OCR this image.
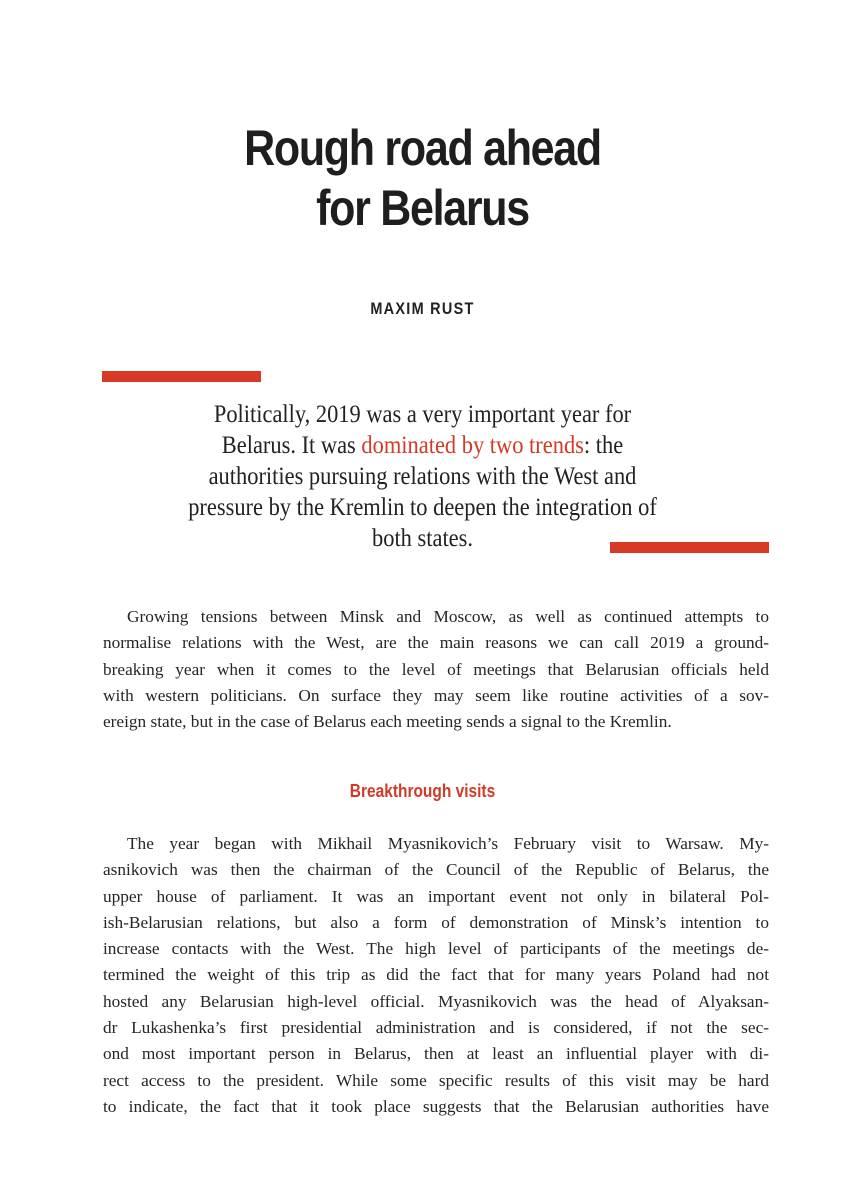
Rough road ahead
for Belarus
MAXIM RUST
Politically, 2019 was a very important year for Belarus. It was dominated by two trends: the authorities pursuing relations with the West and pressure by the Kremlin to deepen the integration of both states.
Growing tensions between Minsk and Moscow, as well as continued attempts to
normalise relations with the West, are the main reasons we can call 2019 a ground-
breaking year when it comes to the level of meetings that Belarusian officials held
with western politicians. On surface they may seem like routine activities of a sov-
ereign state, but in the case of Belarus each meeting sends a signal to the Kremlin.
Breakthrough visits
The year began with Mikhail Myasnikovich’s February visit to Warsaw. My-
asnikovich was then the chairman of the Council of the Republic of Belarus, the
upper house of parliament. It was an important event not only in bilateral Pol-
ish-Belarusian relations, but also a form of demonstration of Minsk’s intention to
increase contacts with the West. The high level of participants of the meetings de-
termined the weight of this trip as did the fact that for many years Poland had not
hosted any Belarusian high-level official. Myasnikovich was the head of Alyaksan-
dr Lukashenka’s first presidential administration and is considered, if not the sec-
ond most important person in Belarus, then at least an influential player with di-
rect access to the president. While some specific results of this visit may be hard
to indicate, the fact that it took place suggests that the Belarusian authorities have
